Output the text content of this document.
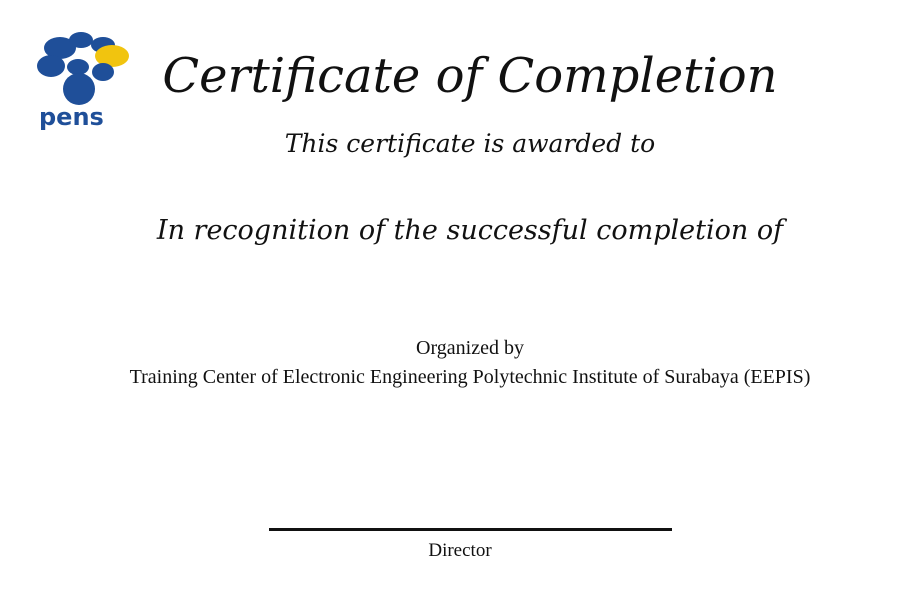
pens
Certificate of Completion
This certificate is awarded to
In recognition of the successful completion of
Organized by
Training Center of Electronic Engineering Polytechnic Institute of Surabaya (EEPIS)
Director
